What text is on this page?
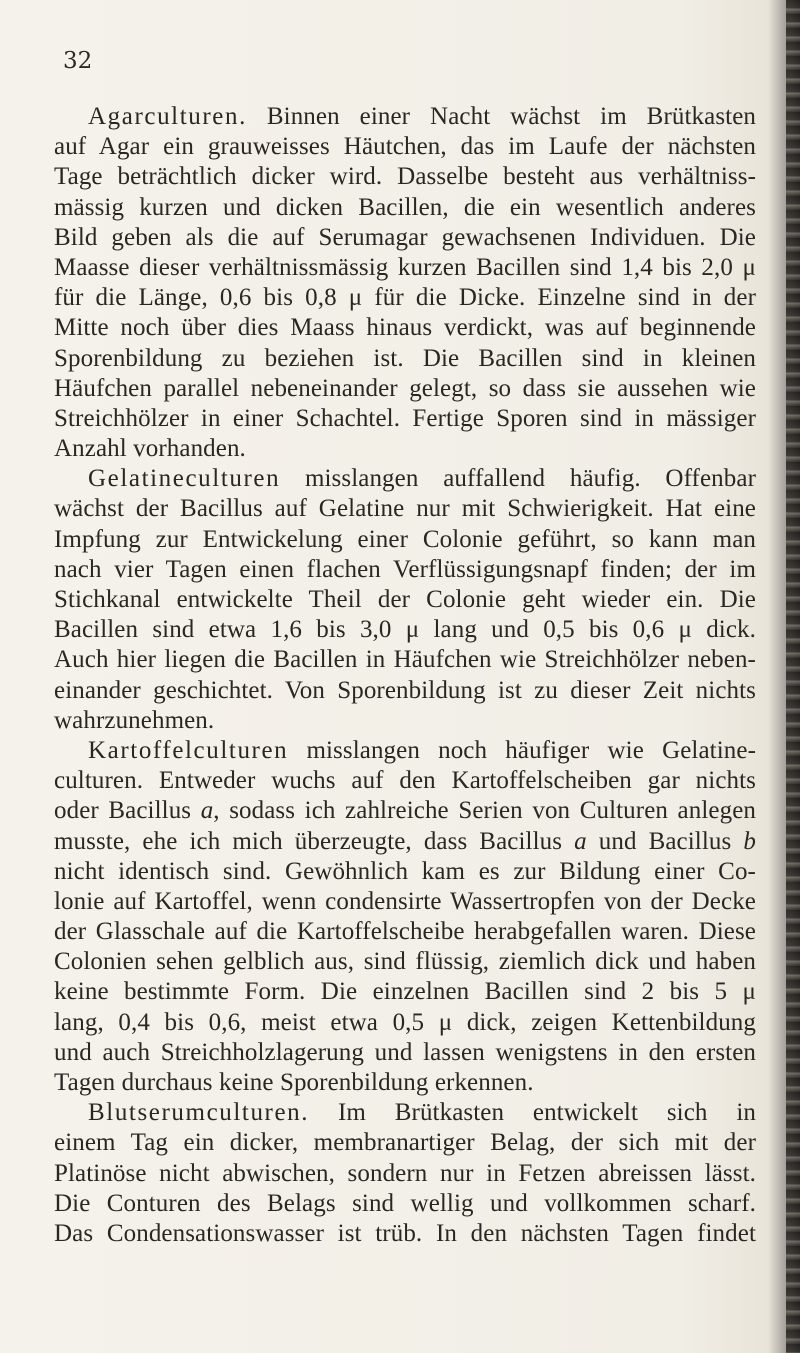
32
Agarculturen. Binnen einer Nacht wächst im Brütkasten
auf Agar ein grauweisses Häutchen, das im Laufe der nächsten
Tage beträchtlich dicker wird. Dasselbe besteht aus verhältniss-
mässig kurzen und dicken Bacillen, die ein wesentlich anderes
Bild geben als die auf Serumagar gewachsenen Individuen. Die
Maasse dieser verhältnissmässig kurzen Bacillen sind 1,4 bis 2,0 μ
für die Länge, 0,6 bis 0,8 μ für die Dicke. Einzelne sind in der
Mitte noch über dies Maass hinaus verdickt, was auf beginnende
Sporenbildung zu beziehen ist. Die Bacillen sind in kleinen
Häufchen parallel nebeneinander gelegt, so dass sie aussehen wie
Streichhölzer in einer Schachtel. Fertige Sporen sind in mässiger
Anzahl vorhanden.
Gelatineculturen misslangen auffallend häufig. Offenbar
wächst der Bacillus auf Gelatine nur mit Schwierigkeit. Hat eine
Impfung zur Entwickelung einer Colonie geführt, so kann man
nach vier Tagen einen flachen Verflüssigungsnapf finden; der im
Stichkanal entwickelte Theil der Colonie geht wieder ein. Die
Bacillen sind etwa 1,6 bis 3,0 μ lang und 0,5 bis 0,6 μ dick.
Auch hier liegen die Bacillen in Häufchen wie Streichhölzer neben-
einander geschichtet. Von Sporenbildung ist zu dieser Zeit nichts
wahrzunehmen.
Kartoffelculturen misslangen noch häufiger wie Gelatine-
culturen. Entweder wuchs auf den Kartoffelscheiben gar nichts
oder Bacillus a, sodass ich zahlreiche Serien von Culturen anlegen
musste, ehe ich mich überzeugte, dass Bacillus a und Bacillus b
nicht identisch sind. Gewöhnlich kam es zur Bildung einer Co-
lonie auf Kartoffel, wenn condensirte Wassertropfen von der Decke
der Glasschale auf die Kartoffelscheibe herabgefallen waren. Diese
Colonien sehen gelblich aus, sind flüssig, ziemlich dick und haben
keine bestimmte Form. Die einzelnen Bacillen sind 2 bis 5 μ
lang, 0,4 bis 0,6, meist etwa 0,5 μ dick, zeigen Kettenbildung
und auch Streichholzlagerung und lassen wenigstens in den ersten
Tagen durchaus keine Sporenbildung erkennen.
Blutserumculturen. Im Brütkasten entwickelt sich in
einem Tag ein dicker, membranartiger Belag, der sich mit der
Platinöse nicht abwischen, sondern nur in Fetzen abreissen lässt.
Die Conturen des Belags sind wellig und vollkommen scharf.
Das Condensationswasser ist trüb. In den nächsten Tagen findet
